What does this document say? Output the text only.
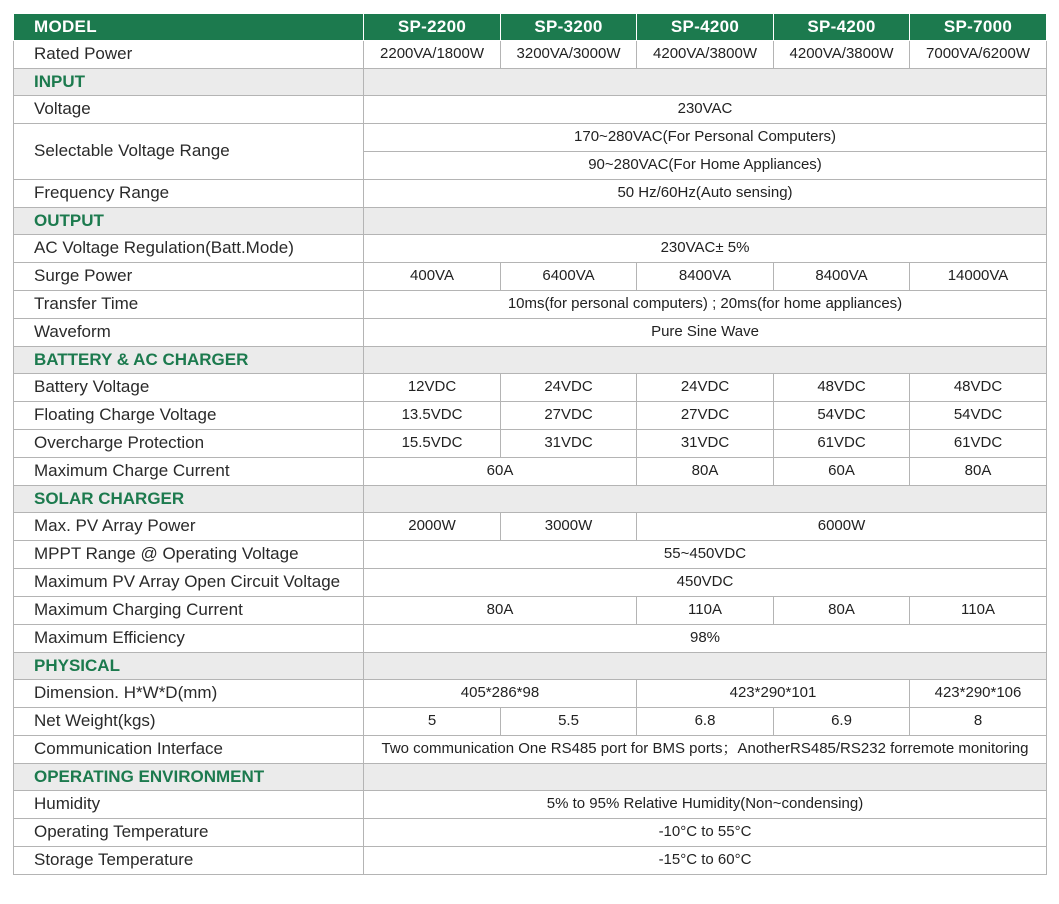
MODEL	SP-2200	SP-3200	SP-4200	SP-4200	SP-7000
Rated Power	2200VA/1800W	3200VA/3000W	4200VA/3800W	4200VA/3800W	7000VA/6200W
INPUT					
Voltage	230VAC				
Selectable Voltage Range	170~280VAC(For Personal Computers)				
	90~280VAC(For Home Appliances)				
Frequency Range	50 Hz/60Hz(Auto sensing)				
OUTPUT					
AC Voltage Regulation(Batt.Mode)	230VAC± 5%				
Surge Power	400VA	6400VA	8400VA	8400VA	14000VA
Transfer Time	10ms(for personal computers) ; 20ms(for home appliances)				
Waveform	Pure Sine Wave				
BATTERY & AC CHARGER					
Battery Voltage	12VDC	24VDC	24VDC	48VDC	48VDC
Floating Charge Voltage	13.5VDC	27VDC	27VDC	54VDC	54VDC
Overcharge Protection	15.5VDC	31VDC	31VDC	61VDC	61VDC
Maximum Charge Current	60A		80A	60A	80A
SOLAR CHARGER					
Max. PV Array Power	2000W	3000W	6000W		
MPPT Range @ Operating Voltage	55~450VDC				
Maximum PV Array Open Circuit Voltage	450VDC				
Maximum Charging Current	80A		110A	80A	110A
Maximum Efficiency	98%				
PHYSICAL					
Dimension. H*W*D(mm)	405*286*98		423*290*101		423*290*106
Net Weight(kgs)	5	5.5	6.8	6.9	8
Communication Interface	Two communication One RS485 port for BMS ports；AnotherRS485/RS232 forremote monitoring				
OPERATING ENVIRONMENT					
Humidity	5% to 95% Relative Humidity(Non~condensing)				
Operating Temperature	-10°C to 55°C				
Storage Temperature	-15°C to 60°C				
